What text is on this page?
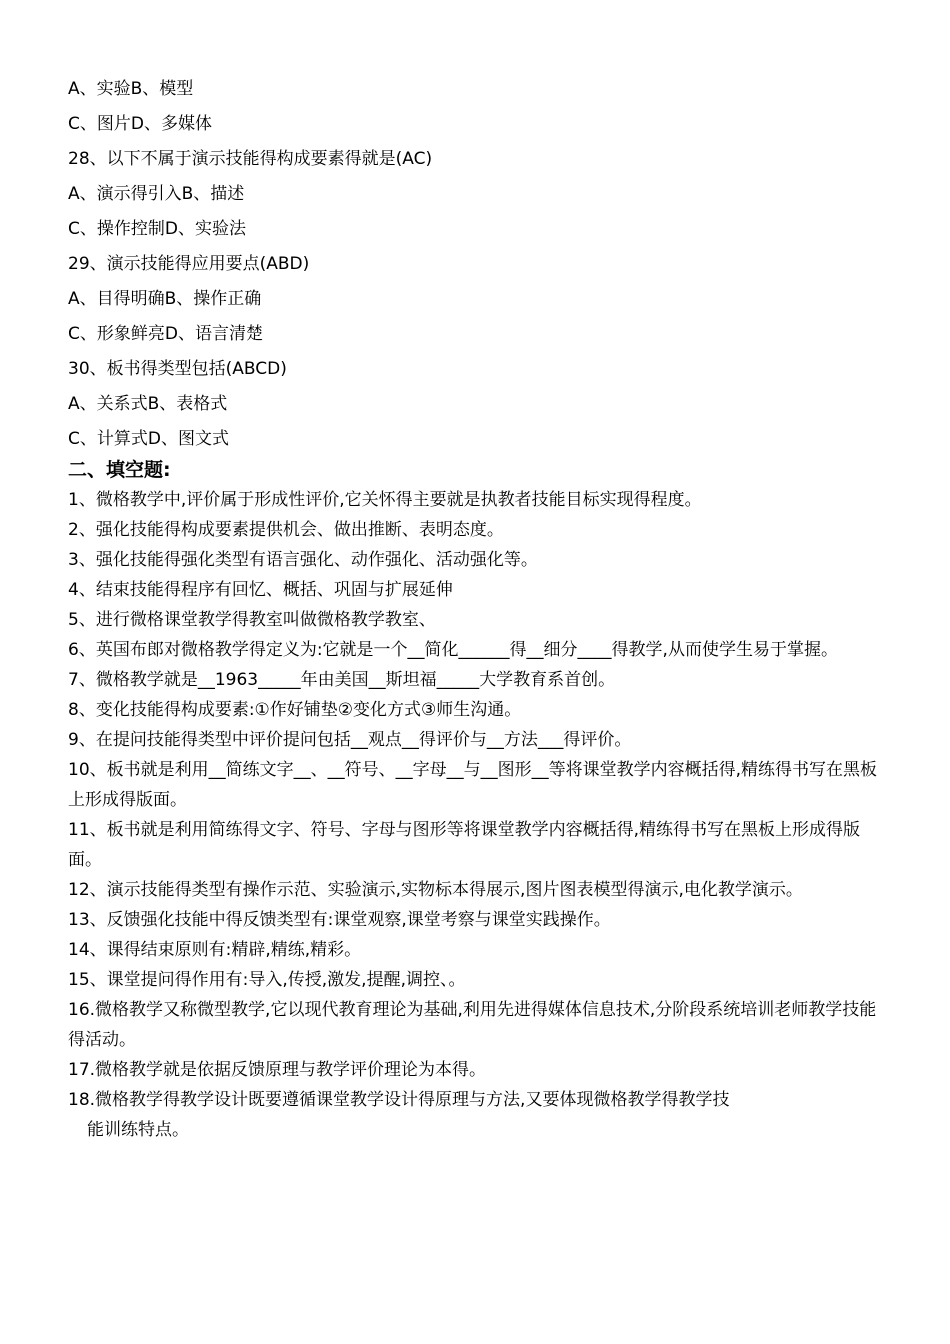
A、实验B、模型
C、图片D、多媒体
28、以下不属于演示技能得构成要素得就是(AC)
A、演示得引入B、描述
C、操作控制D、实验法
29、演示技能得应用要点(ABD)
A、目得明确B、操作正确
C、形象鲜亮D、语言清楚
30、板书得类型包括(ABCD)
A、关系式B、表格式
C、计算式D、图文式
二、填空题:
1、微格教学中,评价属于形成性评价,它关怀得主要就是执教者技能目标实现得程度。
2、强化技能得构成要素提供机会、做出推断、表明态度。
3、强化技能得强化类型有语言强化、动作强化、活动强化等。
4、结束技能得程序有回忆、概括、巩固与扩展延伸
5、进行微格课堂教学得教室叫做微格教学教室、
6、英国布郎对微格教学得定义为:它就是一个__简化______得__细分____得教学,从而使学生易于掌握。
7、微格教学就是__1963_____年由美国__斯坦福_____大学教育系首创。
8、变化技能得构成要素:①作好铺垫②变化方式③师生沟通。
9、在提问技能得类型中评价提问包括__观点__得评价与__方法___得评价。
10、板书就是利用__简练文字__、__符号、__字母__与__图形__等将课堂教学内容概括得,精练得书写在黑板上形成得版面。
11、板书就是利用简练得文字、符号、字母与图形等将课堂教学内容概括得,精练得书写在黑板上形成得版面。
12、演示技能得类型有操作示范、实验演示,实物标本得展示,图片图表模型得演示,电化教学演示。
13、反馈强化技能中得反馈类型有:课堂观察,课堂考察与课堂实践操作。
14、课得结束原则有:精辟,精练,精彩。
15、课堂提问得作用有:导入,传授,激发,提醒,调控、。
16.微格教学又称微型教学,它以现代教育理论为基础,利用先进得媒体信息技术,分阶段系统培训老师教学技能得活动。
17.微格教学就是依据反馈原理与教学评价理论为本得。
18.微格教学得教学设计既要遵循课堂教学设计得原理与方法,又要体现微格教学得教学技
能训练特点。
